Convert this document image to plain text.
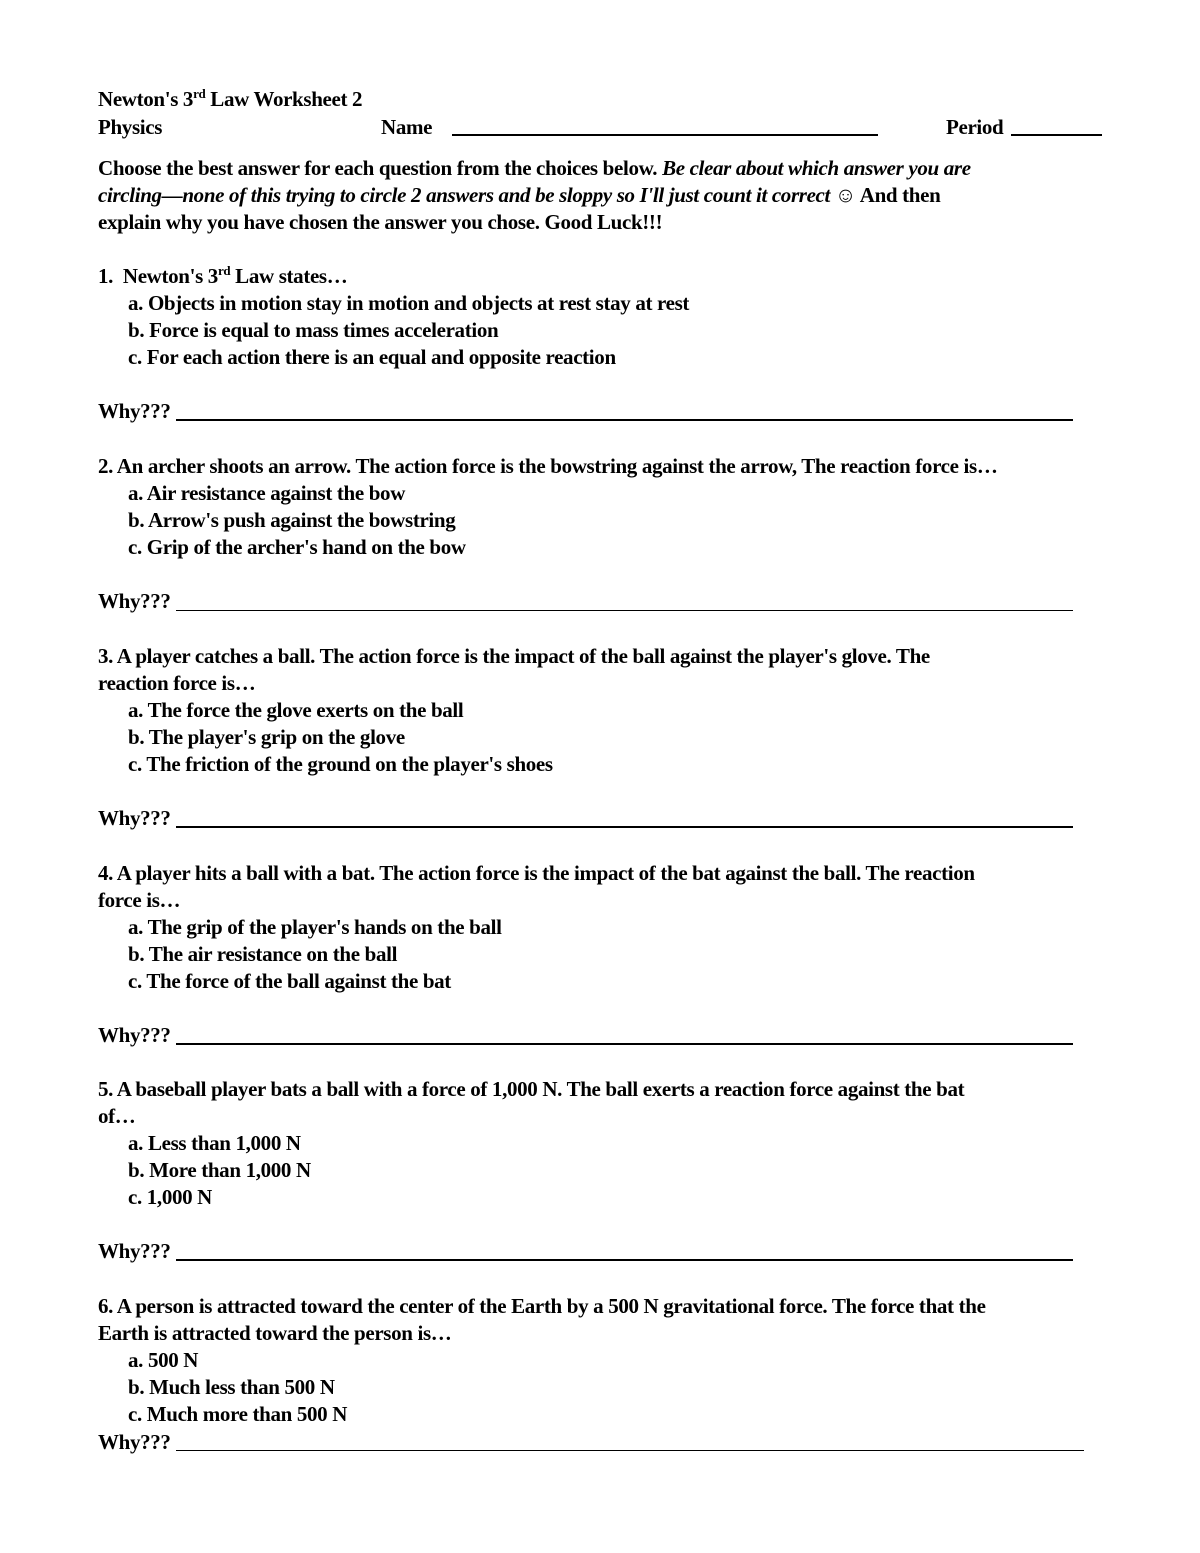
Newton's 3rd Law Worksheet 2
Physics	Name	Period
Choose the best answer for each question from the choices below. Be clear about which answer you are
circling—none of this trying to circle 2 answers and be sloppy so I'll just count it correct ☺ And then
explain why you have chosen the answer you chose. Good Luck!!!
1. Newton's 3rd Law states…
a. Objects in motion stay in motion and objects at rest stay at rest
b. Force is equal to mass times acceleration
c. For each action there is an equal and opposite reaction
Why???
2. An archer shoots an arrow. The action force is the bowstring against the arrow, The reaction force is…
a. Air resistance against the bow
b. Arrow's push against the bowstring
c. Grip of the archer's hand on the bow
Why???
3. A player catches a ball. The action force is the impact of the ball against the player's glove. The
reaction force is…
a. The force the glove exerts on the ball
b. The player's grip on the glove
c. The friction of the ground on the player's shoes
Why???
4. A player hits a ball with a bat. The action force is the impact of the bat against the ball. The reaction
force is…
a. The grip of the player's hands on the ball
b. The air resistance on the ball
c. The force of the ball against the bat
Why???
5. A baseball player bats a ball with a force of 1,000 N. The ball exerts a reaction force against the bat
of…
a. Less than 1,000 N
b. More than 1,000 N
c. 1,000 N
Why???
6. A person is attracted toward the center of the Earth by a 500 N gravitational force. The force that the
Earth is attracted toward the person is…
a. 500 N
b. Much less than 500 N
c. Much more than 500 N
Why???
